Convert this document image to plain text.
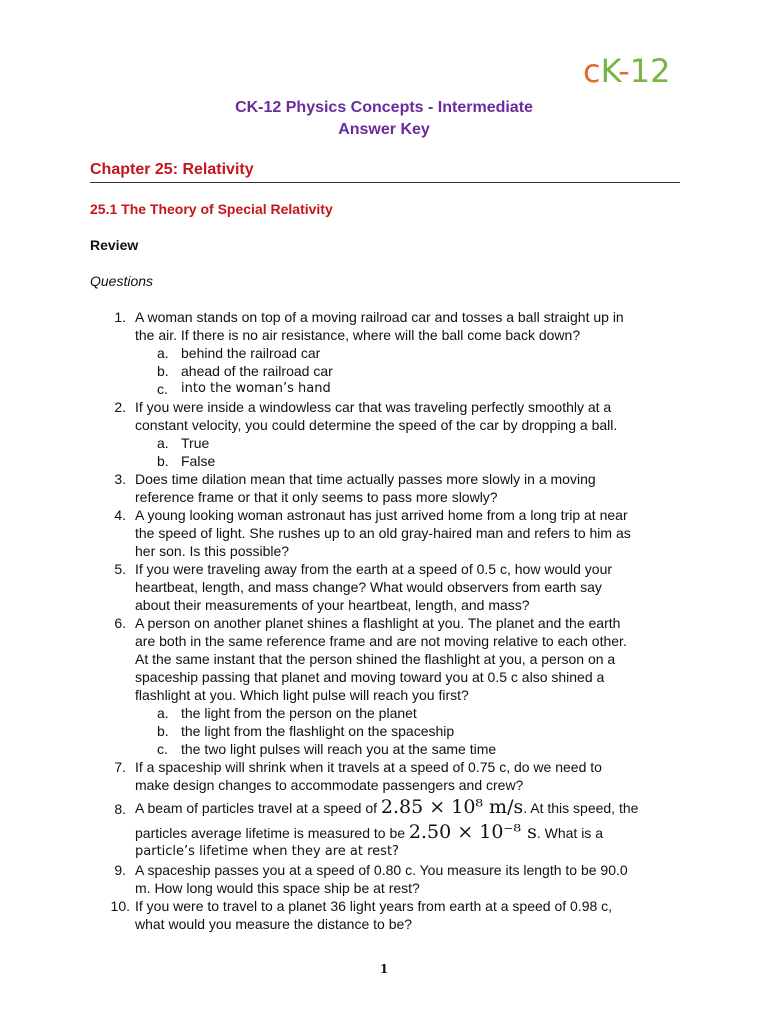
cK-12
CK-12 Physics Concepts - Intermediate
Answer Key
Chapter 25: Relativity
25.1 The Theory of Special Relativity
Review
Questions
1. A woman stands on top of a moving railroad car and tosses a ball straight up in
the air. If there is no air resistance, where will the ball come back down?
a. behind the railroad car
b. ahead of the railroad car
c. into the woman’s hand
2. If you were inside a windowless car that was traveling perfectly smoothly at a
constant velocity, you could determine the speed of the car by dropping a ball.
a. True
b. False
3. Does time dilation mean that time actually passes more slowly in a moving
reference frame or that it only seems to pass more slowly?
4. A young looking woman astronaut has just arrived home from a long trip at near
the speed of light. She rushes up to an old gray-haired man and refers to him as
her son. Is this possible?
5. If you were traveling away from the earth at a speed of 0.5 c, how would your
heartbeat, length, and mass change? What would observers from earth say
about their measurements of your heartbeat, length, and mass?
6. A person on another planet shines a flashlight at you. The planet and the earth
are both in the same reference frame and are not moving relative to each other.
At the same instant that the person shined the flashlight at you, a person on a
spaceship passing that planet and moving toward you at 0.5 c also shined a
flashlight at you. Which light pulse will reach you first?
a. the light from the person on the planet
b. the light from the flashlight on the spaceship
c. the two light pulses will reach you at the same time
7. If a spaceship will shrink when it travels at a speed of 0.75 c, do we need to
make design changes to accommodate passengers and crew?
8. A beam of particles travel at a speed of 2.85 × 10⁸ m/s. At this speed, the
particles average lifetime is measured to be 2.50 × 10⁻⁸ s. What is a
particle’s lifetime when they are at rest?
9. A spaceship passes you at a speed of 0.80 c. You measure its length to be 90.0
m. How long would this space ship be at rest?
10. If you were to travel to a planet 36 light years from earth at a speed of 0.98 c,
what would you measure the distance to be?
1
